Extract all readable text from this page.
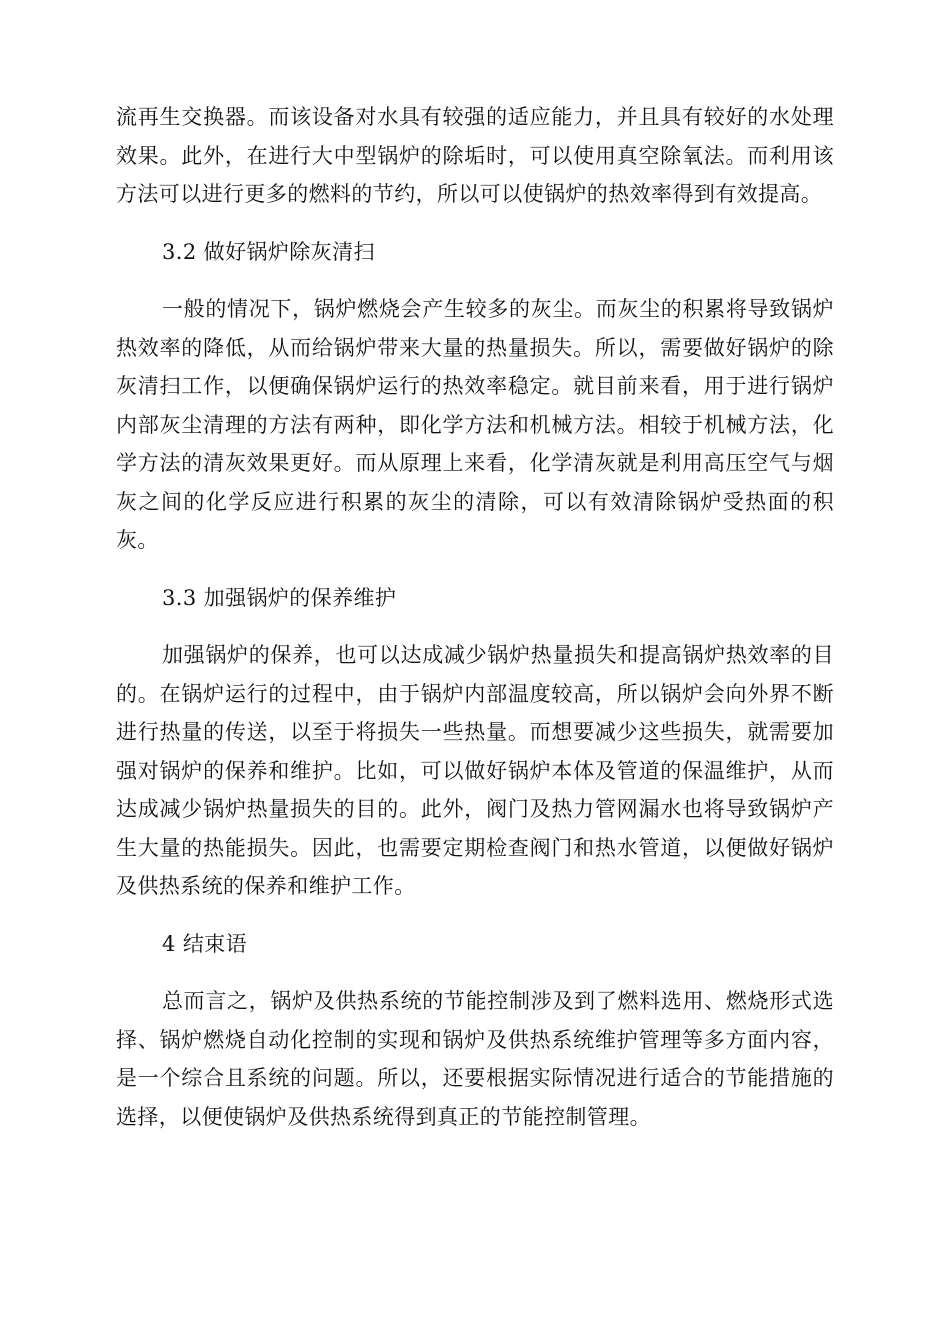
流再生交换器。而该设备对水具有较强的适应能力，并且具有较好的水处理效果。此外，在进行大中型锅炉的除垢时，可以使用真空除氧法。而利用该方法可以进行更多的燃料的节约，所以可以使锅炉的热效率得到有效提高。

3.2 做好锅炉除灰清扫

一般的情况下，锅炉燃烧会产生较多的灰尘。而灰尘的积累将导致锅炉热效率的降低，从而给锅炉带来大量的热量损失。所以，需要做好锅炉的除灰清扫工作，以便确保锅炉运行的热效率稳定。就目前来看，用于进行锅炉内部灰尘清理的方法有两种，即化学方法和机械方法。相较于机械方法，化学方法的清灰效果更好。而从原理上来看，化学清灰就是利用高压空气与烟灰之间的化学反应进行积累的灰尘的清除，可以有效清除锅炉受热面的积灰。

3.3 加强锅炉的保养维护

加强锅炉的保养，也可以达成减少锅炉热量损失和提高锅炉热效率的目的。在锅炉运行的过程中，由于锅炉内部温度较高，所以锅炉会向外界不断进行热量的传送，以至于将损失一些热量。而想要减少这些损失，就需要加强对锅炉的保养和维护。比如，可以做好锅炉本体及管道的保温维护，从而达成减少锅炉热量损失的目的。此外，阀门及热力管网漏水也将导致锅炉产生大量的热能损失。因此，也需要定期检查阀门和热水管道，以便做好锅炉及供热系统的保养和维护工作。

4 结束语

总而言之，锅炉及供热系统的节能控制涉及到了燃料选用、燃烧形式选择、锅炉燃烧自动化控制的实现和锅炉及供热系统维护管理等多方面内容，是一个综合且系统的问题。所以，还要根据实际情况进行适合的节能措施的选择，以便使锅炉及供热系统得到真正的节能控制管理。
